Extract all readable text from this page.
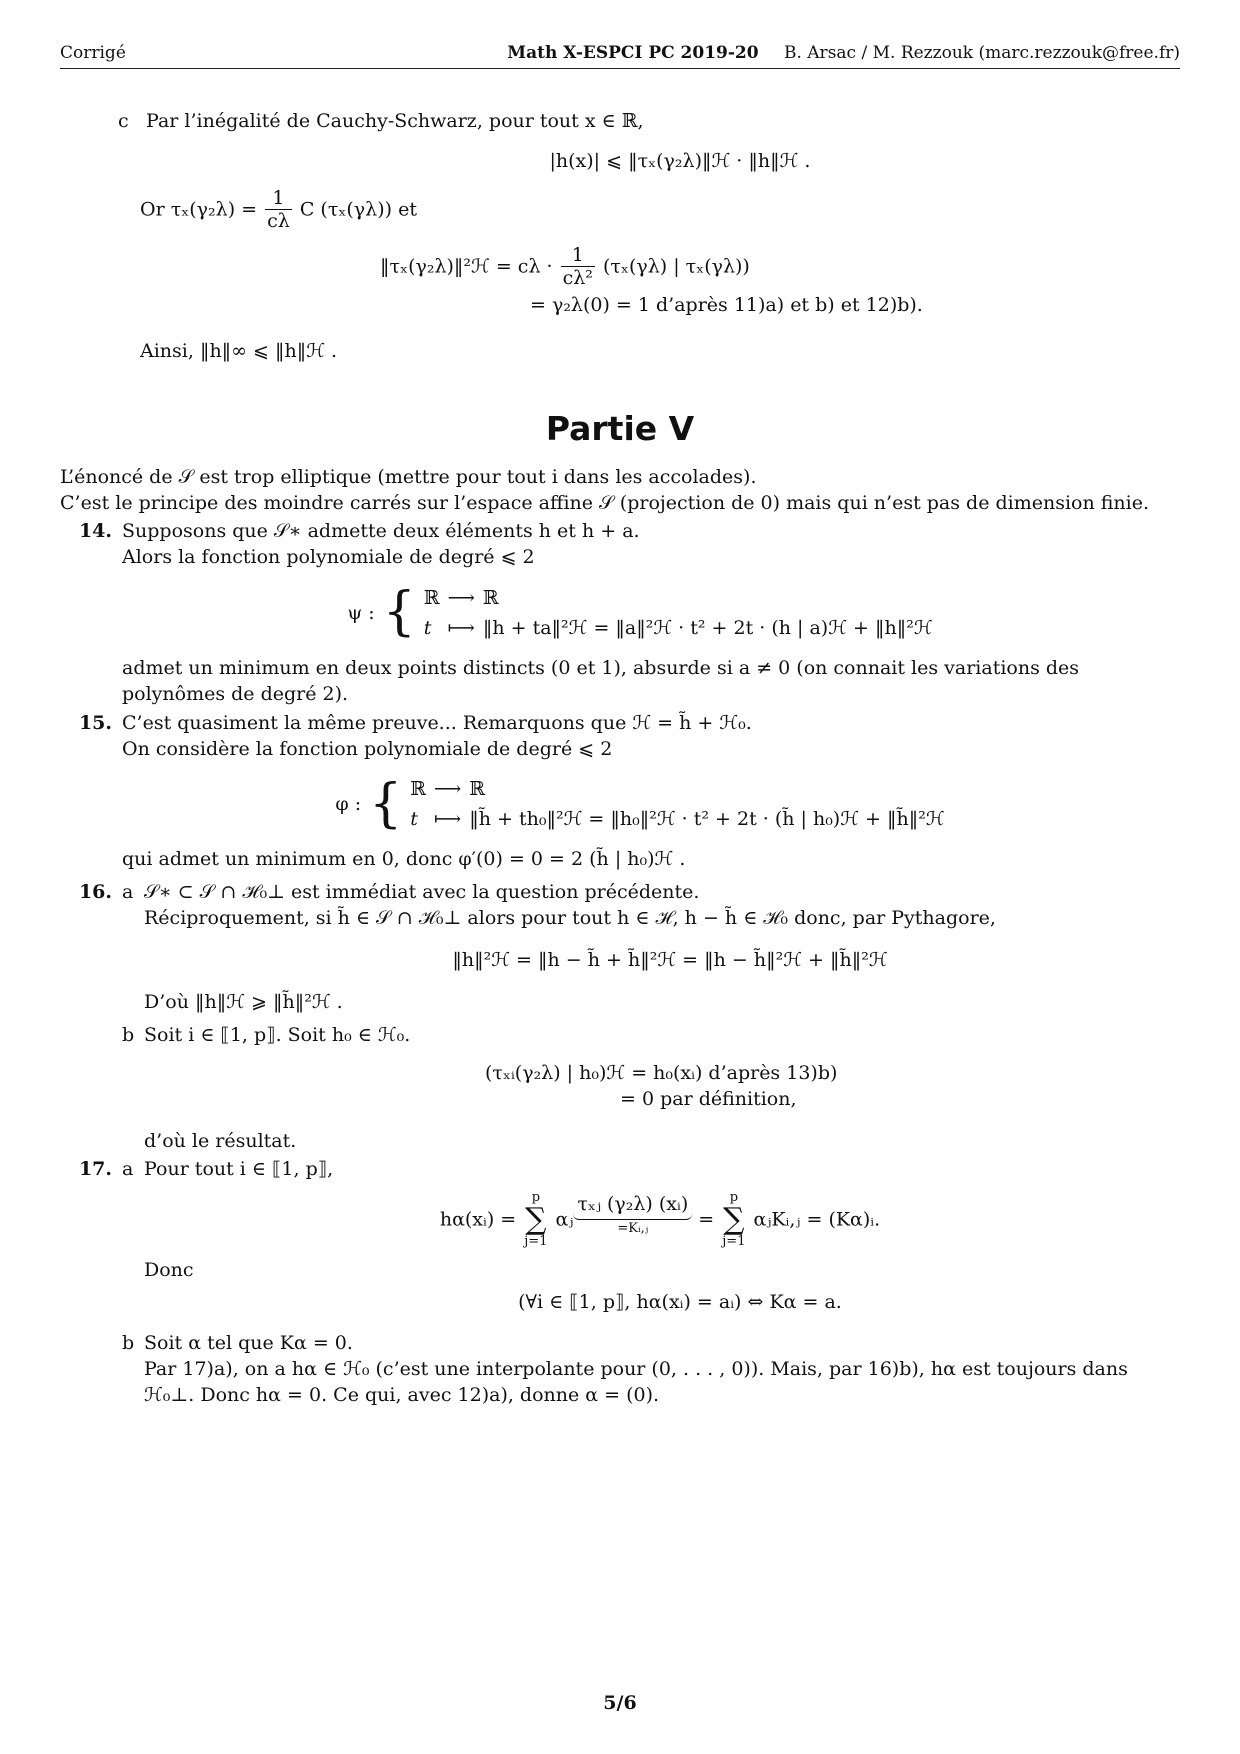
Corrigé	Math X-ESPCI PC 2019-20 B. Arsac / M. Rezzouk (marc.rezzouk@free.fr)

c Par l’inégalité de Cauchy-Schwarz, pour tout x ∈ ℝ,

|h(x)| ⩽ ‖τₓ(γ₂λ)‖ℋ · ‖h‖ℋ .

Or $\tau_x(\gamma_2\lambda) = \frac{1}{c\lambda}$ C (τₓ(γλ)) et

‖τₓ(γ₂λ)‖²ℋ = $c\lambda \cdot \frac{1}{\text{cλ²}} (\tau_x(\gamma\lambda)$ | τₓ(γλ))
= γ₂λ(0) = 1 d’après 11)a) et b) et 12)b).

Ainsi, ‖h‖∞ ⩽ ‖h‖ℋ .

Partie V

L’énoncé de 𝒮 est trop elliptique (mettre pour tout i dans les accolades).

C’est le principe des moindre carrés sur l’espace affine 𝒮 (projection de 0) mais qui n’est pas de dimension finie.

14. Supposons que 𝒮∗ admette deux éléments h et h + a.

Alors la fonction polynomiale de degré ⩽ 2

ψ :	{	ℝ	⟶	ℝ
		t	⟼	‖h + ta‖²ℋ = ‖a‖²ℋ · t² + 2t · (h | a)ℋ + ‖h‖²ℋ

admet un minimum en deux points distincts (0 et 1), absurde si a ≠ 0 (on connait les variations des polynômes de degré 2).

15. C’est quasiment la même preuve... Remarquons que ℋ = h̃ + ℋ₀.

On considère la fonction polynomiale de degré ⩽ 2

φ :	{	ℝ	⟶	ℝ
		t	⟼	‖h̃ + th₀‖²ℋ = ‖h₀‖²ℋ · t² + 2t · (h̃ | h₀)ℋ + ‖h̃‖²ℋ

qui admet un minimum en 0, donc φ′(0) = 0 = 2 (h̃ | h₀)ℋ .

16. a 𝒮∗ ⊂ 𝒮 ∩ ℋ₀⊥ est immédiat avec la question précédente.

Réciproquement, si h̃ ∈ 𝒮 ∩ ℋ₀⊥ alors pour tout h ∈ ℋ, h − h̃ ∈ ℋ₀ donc, par Pythagore,

‖h‖²ℋ = ‖h − h̃ + h̃‖²ℋ = ‖h − h̃‖²ℋ + ‖h̃‖²ℋ

D’où ‖h‖ℋ ⩾ ‖h̃‖²ℋ .

b Soit i ∈ ⟦1, p⟧. Soit h₀ ∈ ℋ₀.

(τₓᵢ(γ₂λ) | h₀)ℋ = h₀(xᵢ) d’après 13)b)
= 0 par définition,

d’où le résultat.

17. a Pour tout i ∈ ⟦1, p⟧,

hα(xᵢ) =
p
∑
j=1
αⱼ
τₓⱼ (γ₂λ) (xᵢ)
=Kᵢ,ⱼ	=
p
∑
j=1
αⱼKᵢ,ⱼ = (Kα)ᵢ.

Donc

(∀i ∈ ⟦1, p⟧, hα(xᵢ) = aᵢ) ⇔ Kα = a.

b Soit α tel que Kα = 0.

Par 17)a), on a hα ∈ ℋ₀ (c’est une interpolante pour (0, . . . , 0)). Mais, par 16)b), hα est toujours dans ℋ₀⊥. Donc hα = 0. Ce qui, avec 12)a), donne α = (0).

5/6
